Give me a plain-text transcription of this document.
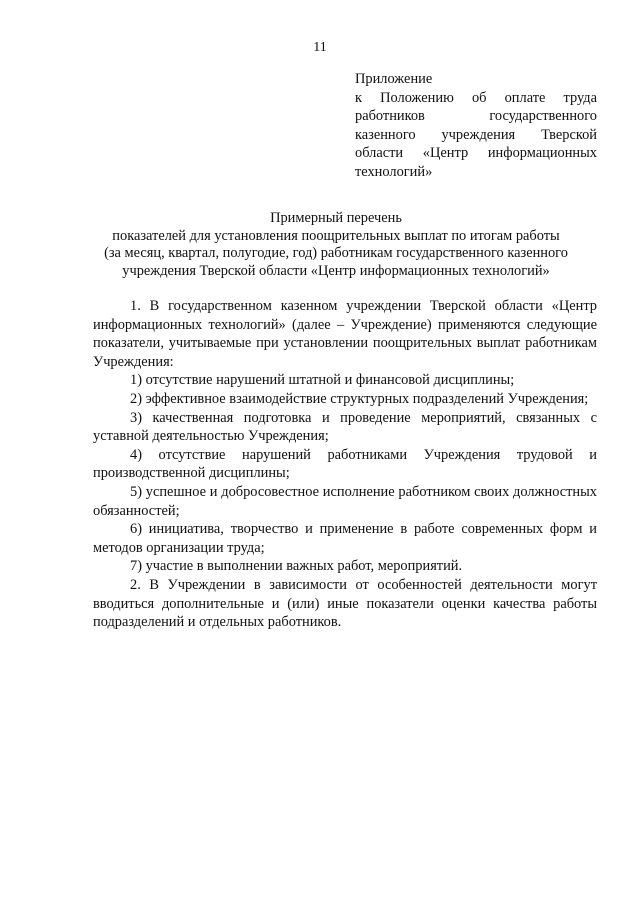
11
Приложение
к Положению об оплате труда работников государственного казенного учреждения Тверской области «Центр информационных технологий»
Примерный перечень
показателей для установления поощрительных выплат по итогам работы
(за месяц, квартал, полугодие, год) работникам государственного казенного
учреждения Тверской области «Центр информационных технологий»
1. В государственном казенном учреждении Тверской области «Центр информационных технологий» (далее – Учреждение) применяются следующие показатели, учитываемые при установлении поощрительных выплат работникам Учреждения:
1) отсутствие нарушений штатной и финансовой дисциплины;
2) эффективное взаимодействие структурных подразделений Учреждения;
3) качественная подготовка и проведение мероприятий, связанных с уставной деятельностью Учреждения;
4) отсутствие нарушений работниками Учреждения трудовой и производственной дисциплины;
5) успешное и добросовестное исполнение работником своих должностных обязанностей;
6) инициатива, творчество и применение в работе современных форм и методов организации труда;
7) участие в выполнении важных работ, мероприятий.
2. В Учреждении в зависимости от особенностей деятельности могут вводиться дополнительные и (или) иные показатели оценки качества работы подразделений и отдельных работников.
